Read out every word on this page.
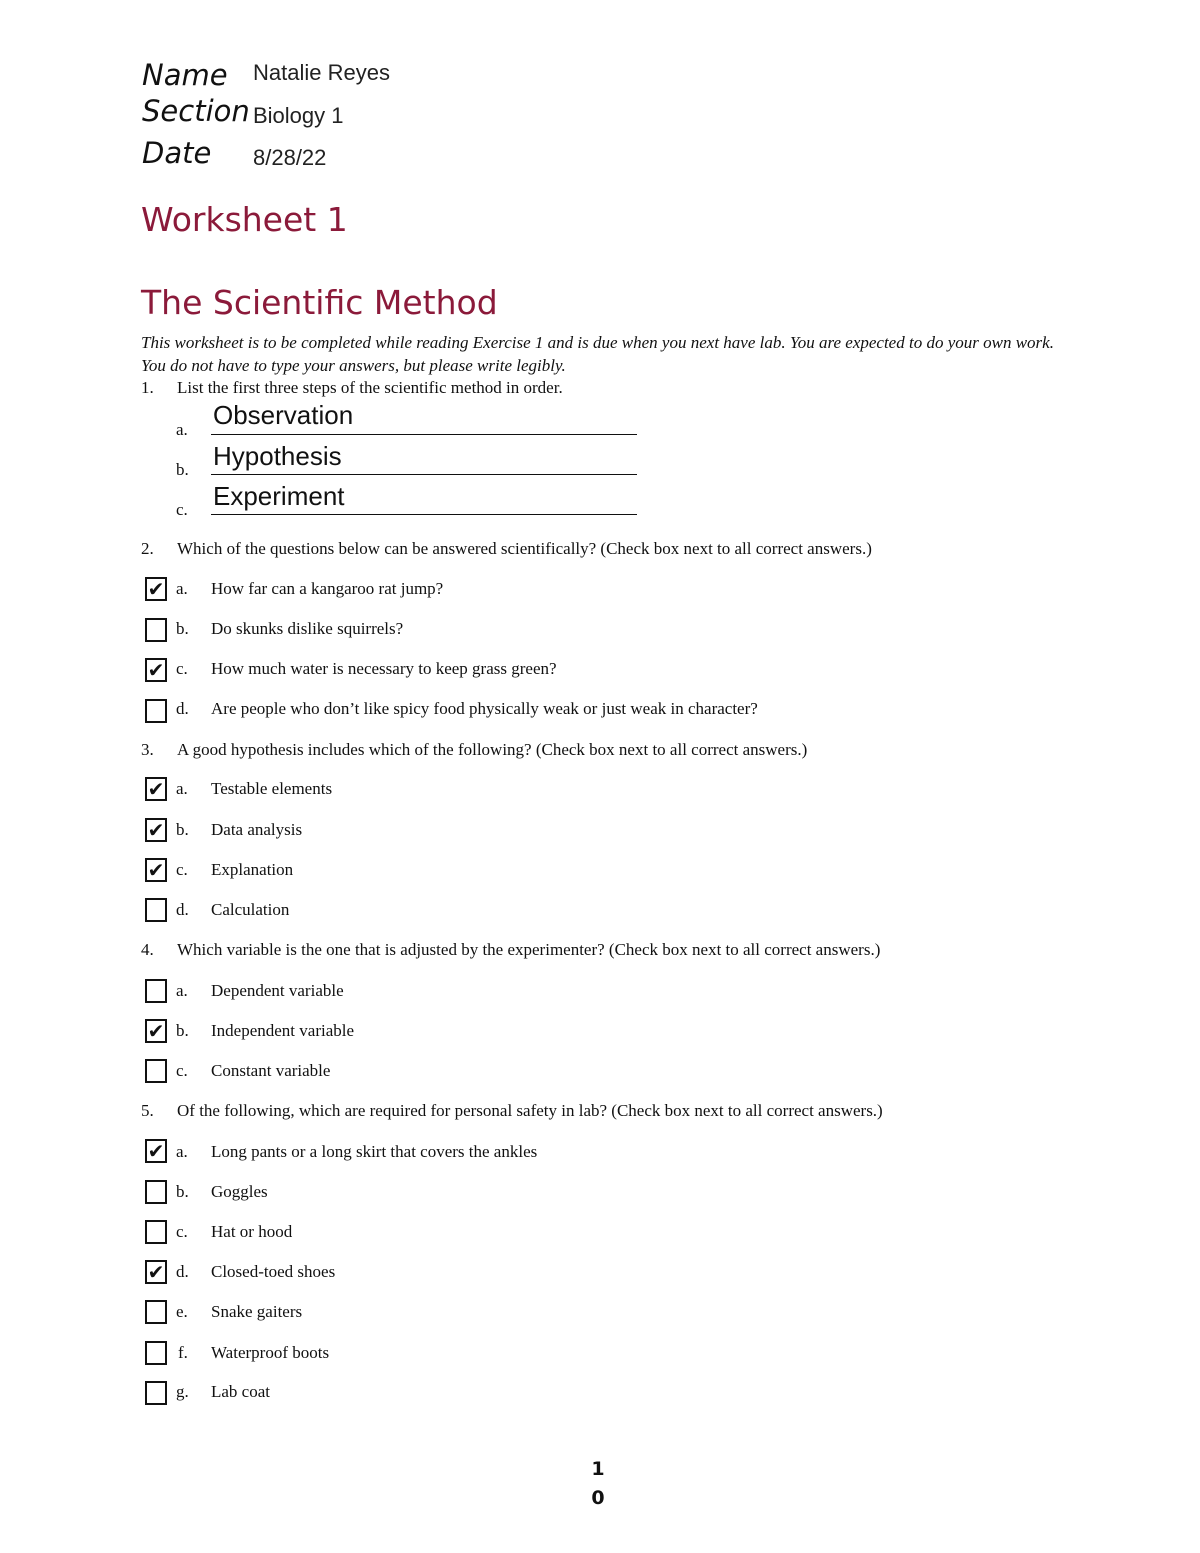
Name Natalie Reyes
Section Biology 1
Date 8/28/22
Worksheet 1
The Scientific Method
This worksheet is to be completed while reading Exercise 1 and is due when you next have lab. You are expected to do your own work. You do not have to type your answers, but please write legibly.
1. List the first three steps of the scientific method in order.
a. Observation
b. Hypothesis
c. Experiment
2. Which of the questions below can be answered scientifically? (Check box next to all correct answers.)
✔ a. How far can a kangaroo rat jump?
b. Do skunks dislike squirrels?
✔ c. How much water is necessary to keep grass green?
d. Are people who don’t like spicy food physically weak or just weak in character?
3. A good hypothesis includes which of the following? (Check box next to all correct answers.)
✔ a. Testable elements
✔ b. Data analysis
✔ c. Explanation
d. Calculation
4. Which variable is the one that is adjusted by the experimenter? (Check box next to all correct answers.)
a. Dependent variable
✔ b. Independent variable
c. Constant variable
5. Of the following, which are required for personal safety in lab? (Check box next to all correct answers.)
✔ a. Long pants or a long skirt that covers the ankles
b. Goggles
c. Hat or hood
✔ d. Closed-toed shoes
e. Snake gaiters
f. Waterproof boots
g. Lab coat
1
0
